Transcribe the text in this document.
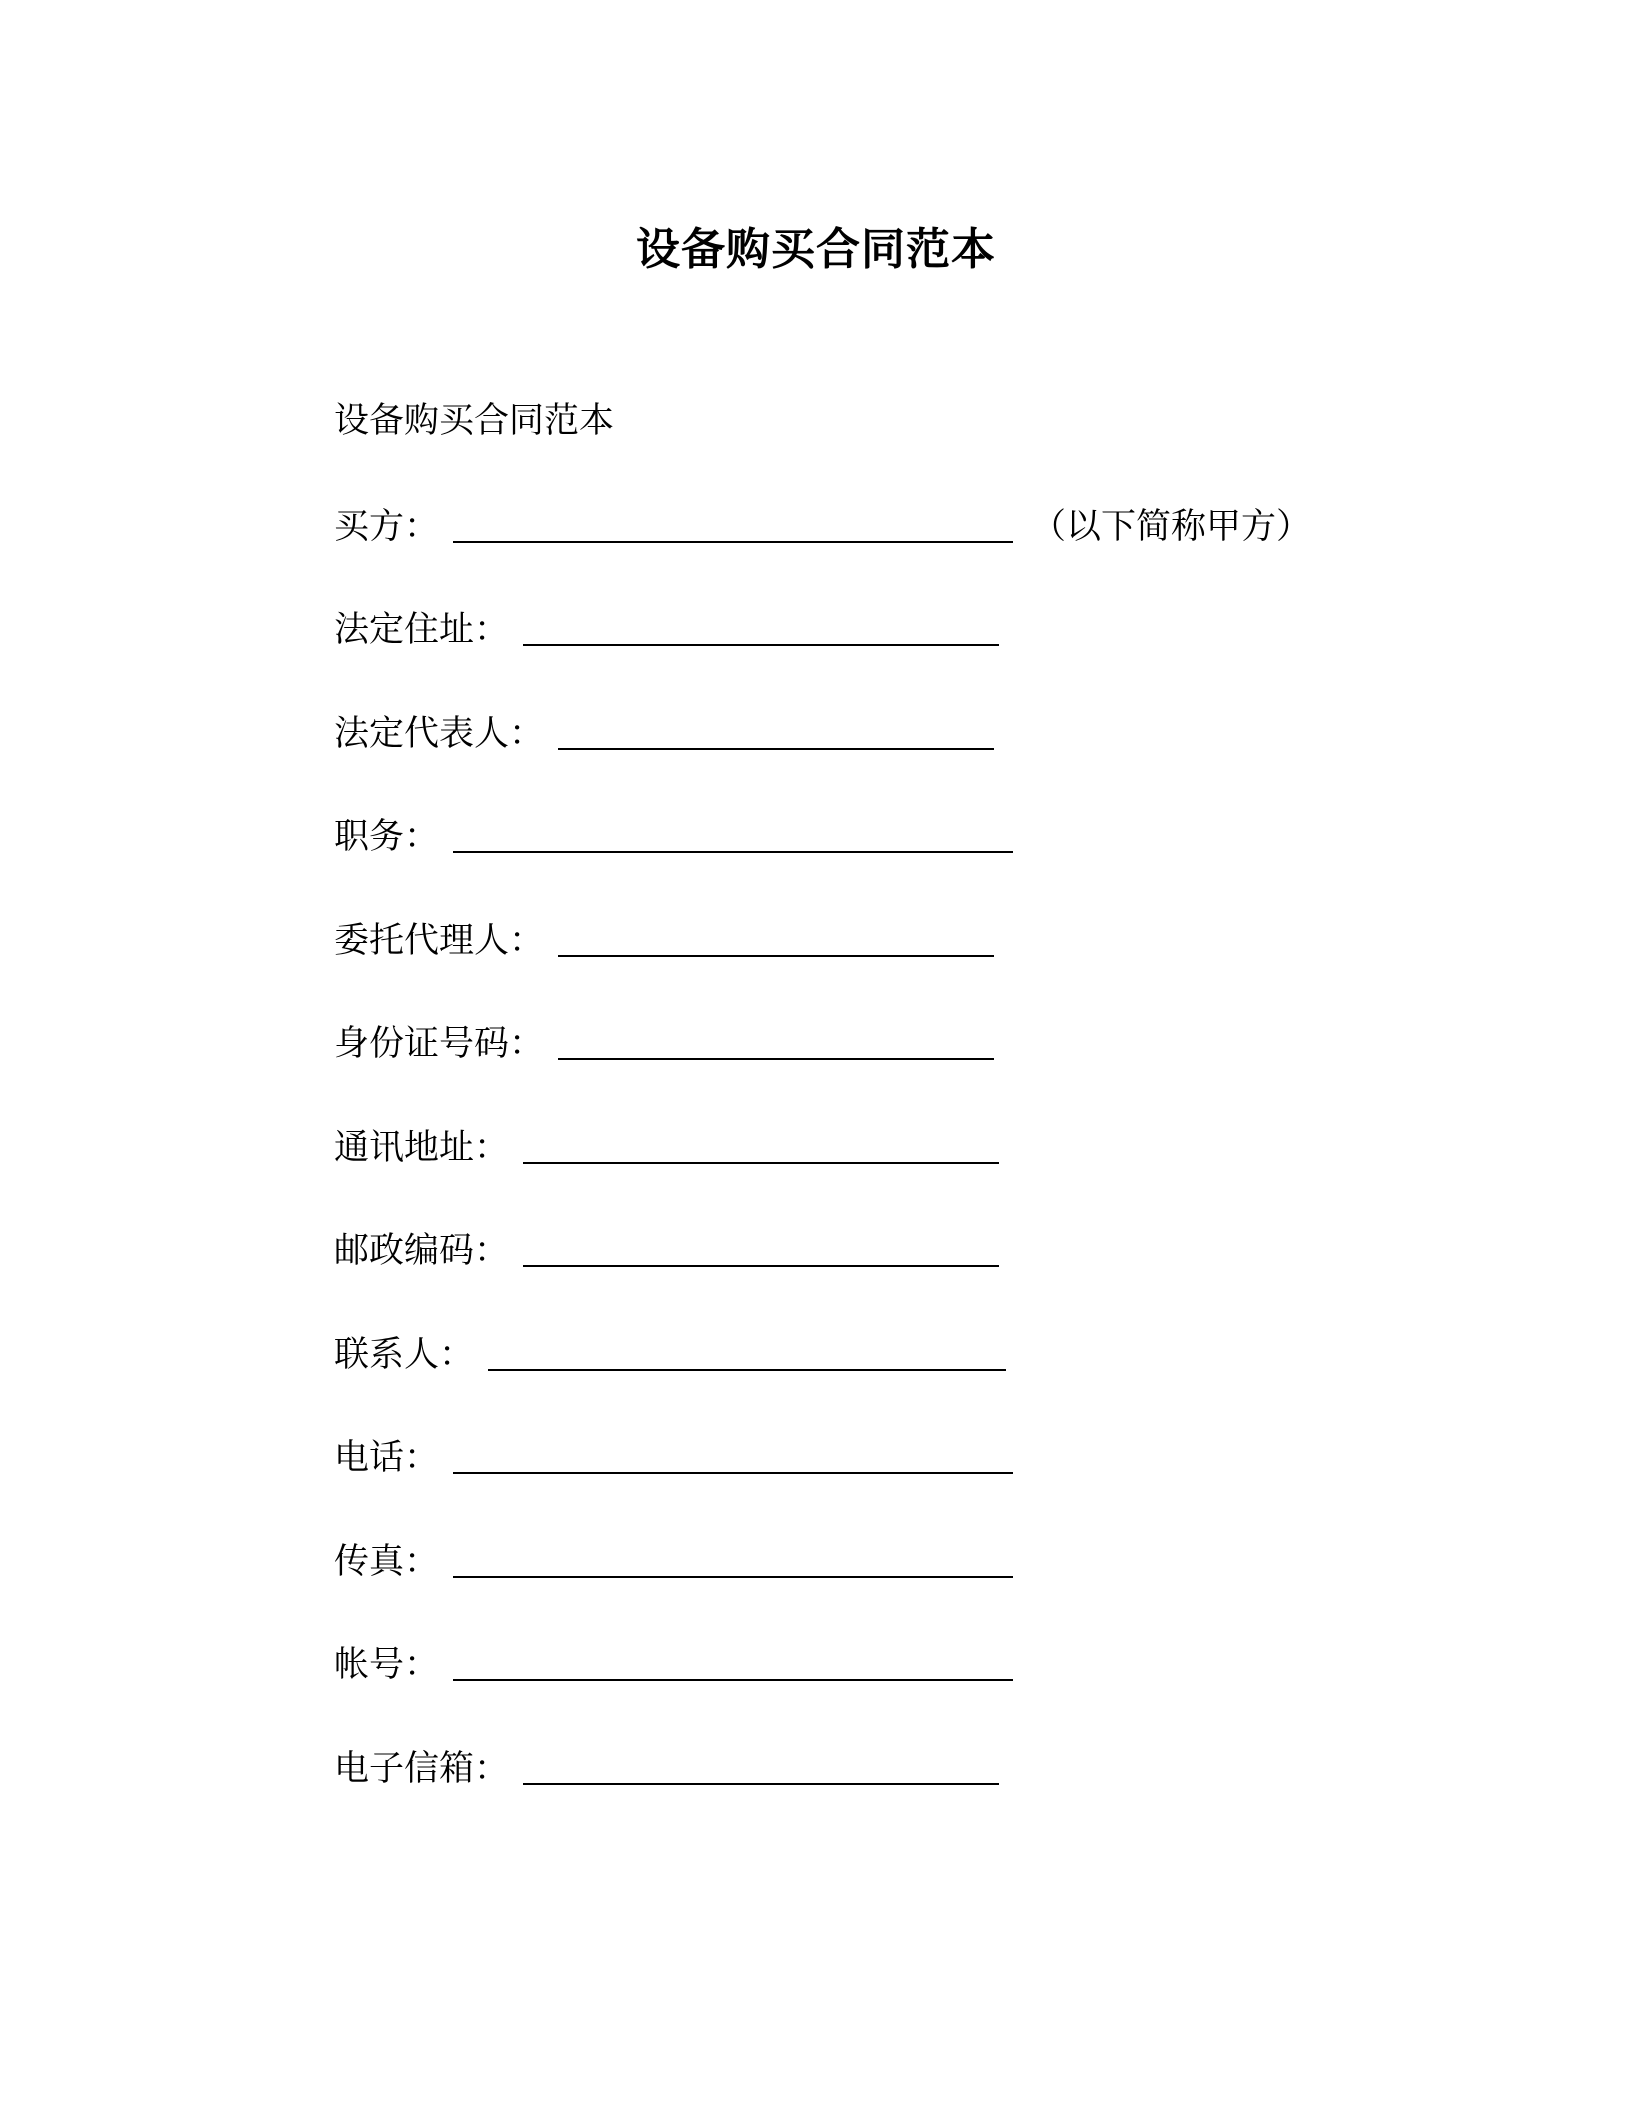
设备购买合同范本
设备购买合同范本
买方：	（以下简称甲方）
法定住址：
法定代表人：
职务：
委托代理人：
身份证号码：
通讯地址：
邮政编码：
联系人：
电话：
传真：
帐号：
电子信箱：
